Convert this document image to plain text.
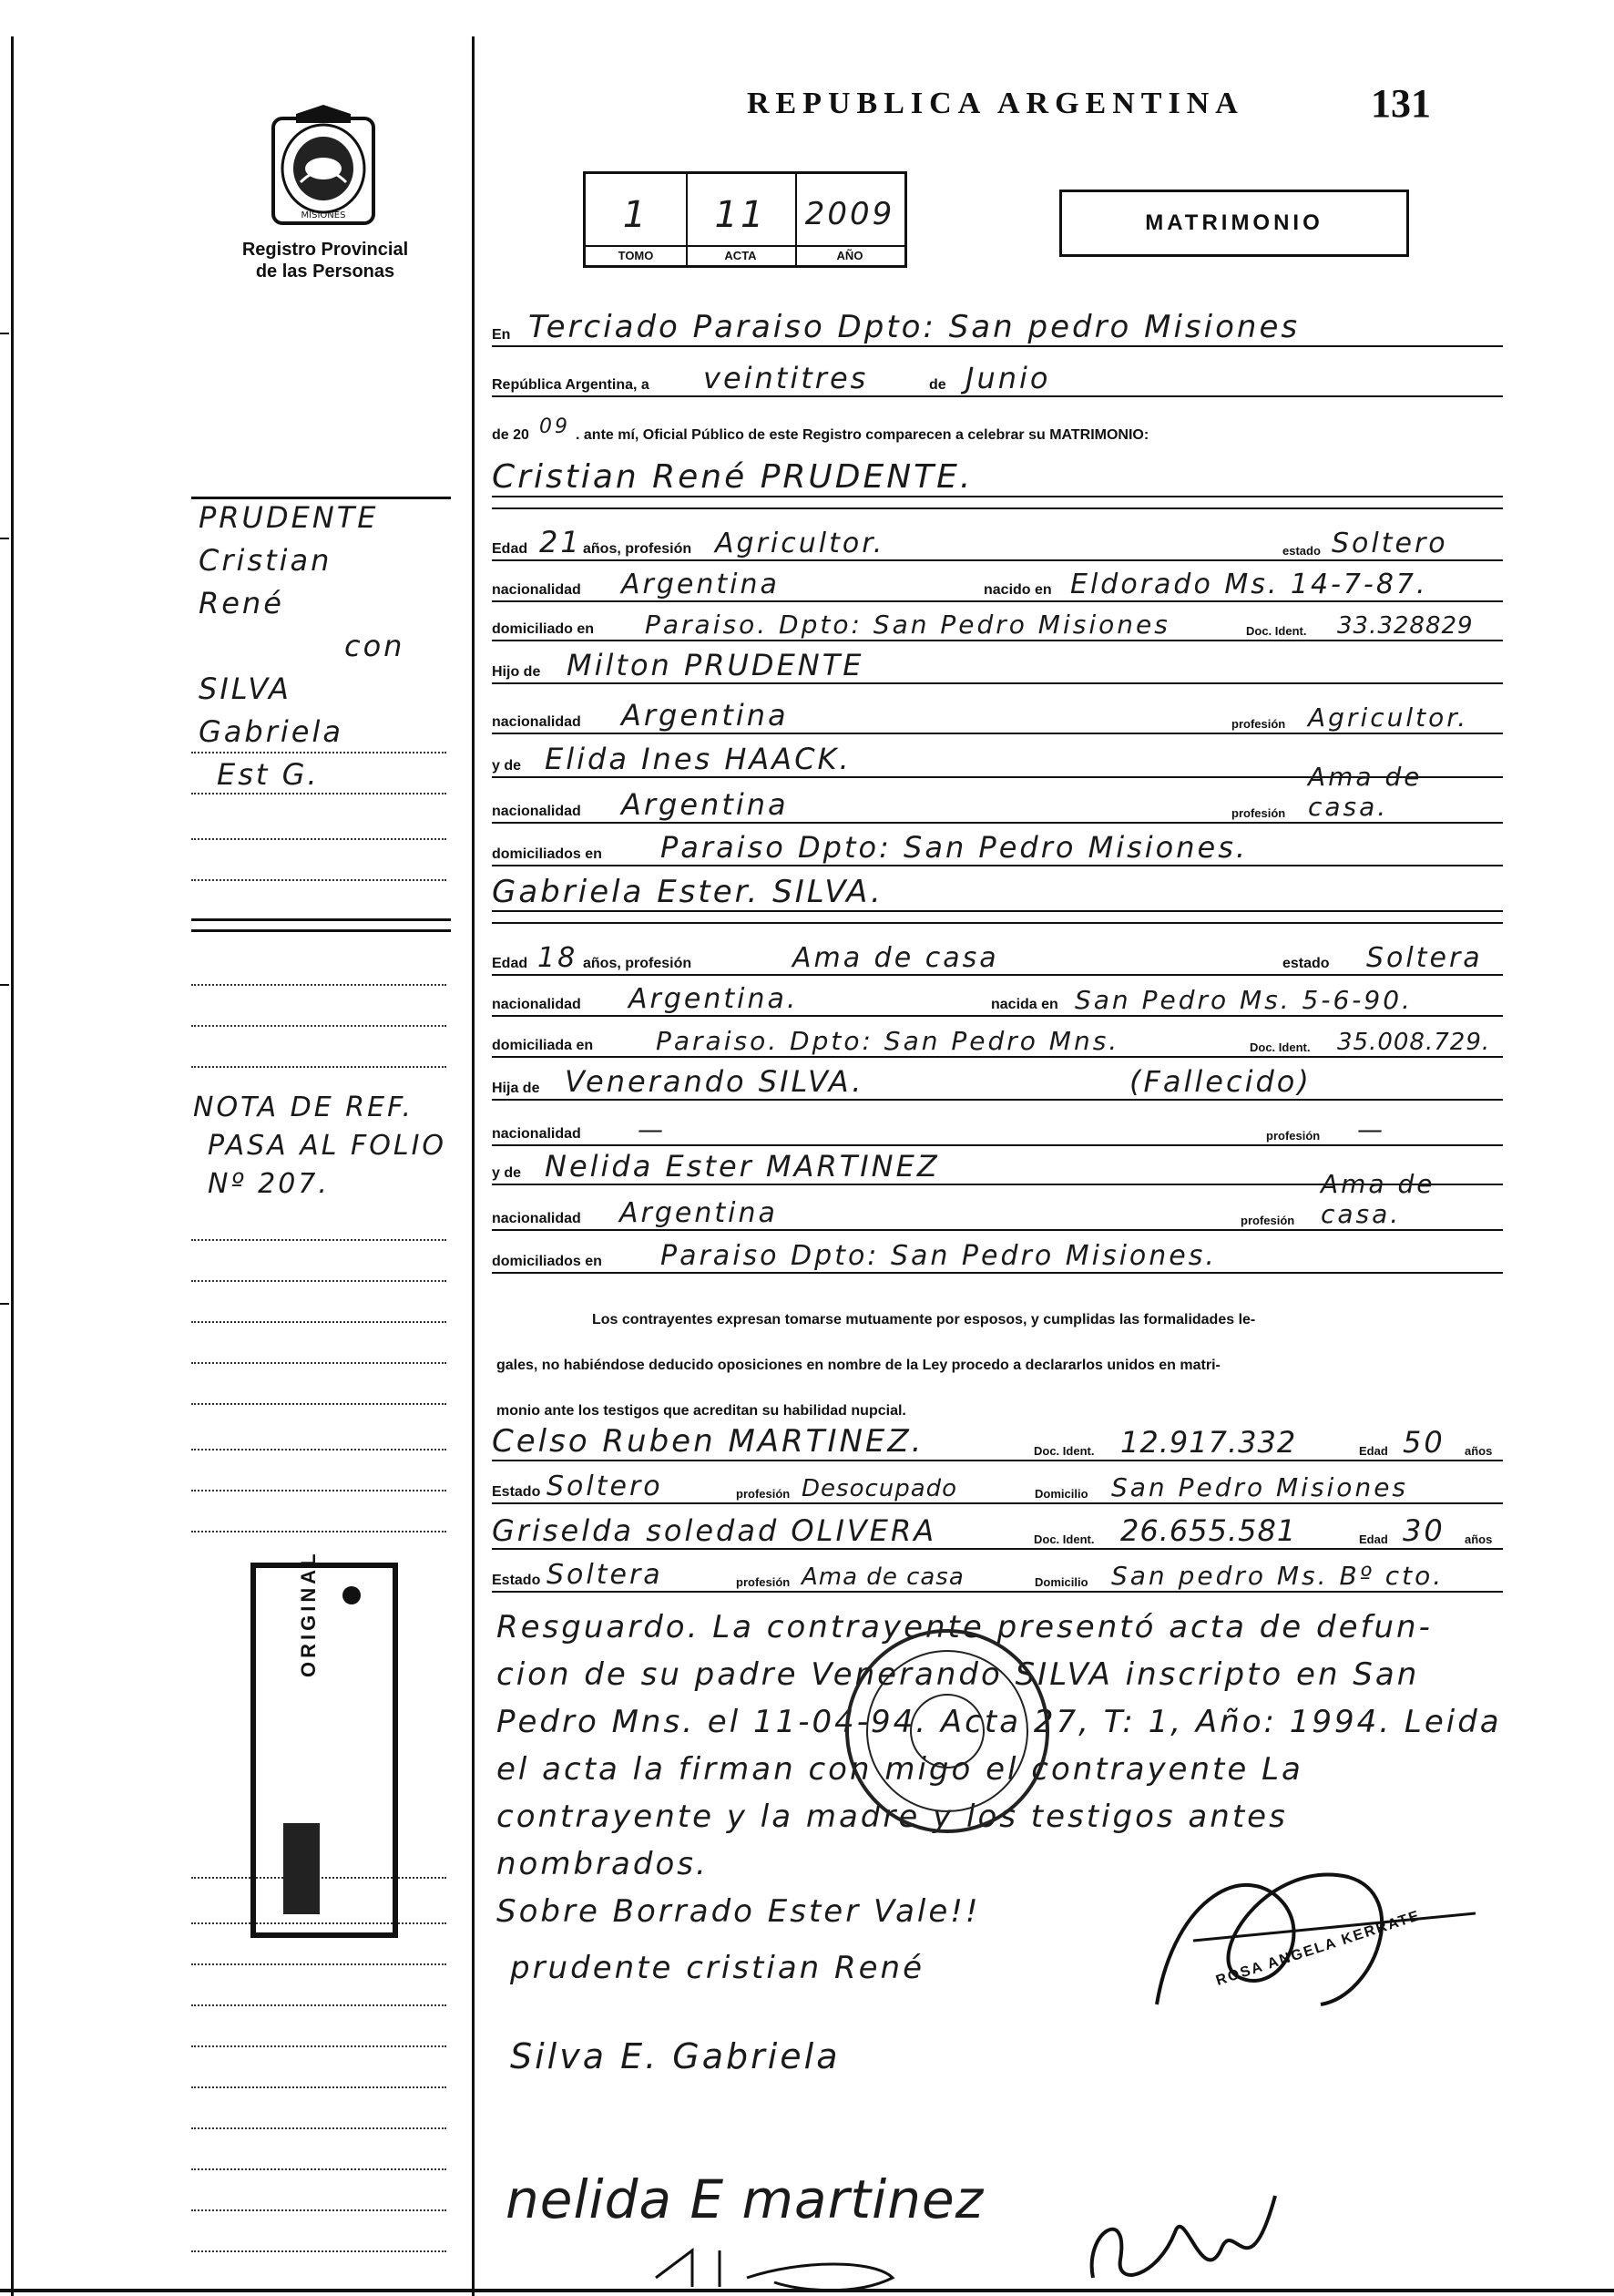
MISIONES
Registro Provincial
de las Personas
REPUBLICA ARGENTINA	131
1
TOMO
11
ACTA
2009
AÑO
MATRIMONIO
En Terciado Paraiso Dpto: San pedro Misiones
República Argentina, a veintitres	de Junio
de 20 09 . ante mí, Oficial Público de este Registro comparecen a celebrar su MATRIMONIO:
Cristian René PRUDENTE.
Edad 21 años, profesión Agricultor.	estado Soltero
nacionalidad Argentina	nacido en Eldorado Ms. 14-7-87.
domiciliado en Paraiso. Dpto: San Pedro Misiones	Doc. Ident. 33.328829
Hijo de Milton PRUDENTE
nacionalidad Argentina	profesión Agricultor.
y de Elida Ines HAACK.
nacionalidad Argentina	profesión
Ama de casa.
domiciliados en Paraiso Dpto: San Pedro Misiones.
Gabriela Ester. SILVA.
Edad 18 años, profesión	Ama de casa	estado Soltera
nacionalidad Argentina.	nacida en San Pedro Ms. 5-6-90.
domiciliada en Paraiso. Dpto: San Pedro Mns.	Doc. Ident. 35.008.729.
Hija de Venerando SILVA.	(Fallecido)
nacionalidad —	profesión —
y de Nelida Ester MARTINEZ
nacionalidad Argentina	profesión
Ama de casa.
domiciliados en Paraiso Dpto: San Pedro Misiones.
Los contrayentes expresan tomarse mutuamente por esposos, y cumplidas las formalidades le-
gales, no habiéndose deducido oposiciones en nombre de la Ley procedo a declararlos unidos en matri-
monio ante los testigos que acreditan su habilidad nupcial.
Celso Ruben MARTINEZ.	Doc. Ident. 12.917.332	Edad 50 años
Estado Soltero	profesión Desocupado	Domicilio San Pedro Misiones
Griselda soledad OLIVERA	Doc. Ident. 26.655.581	Edad 30 años
Estado Soltera	profesión Ama de casa	Domicilio San pedro Ms. Bº cto.
Resguardo. La contrayente presentó acta de defun-
cion de su padre Venerando SILVA inscripto en San
Pedro Mns. el 11-04-94. Acta 27, T: 1, Año: 1994. Leida
el acta la firman con migo el contrayente La
contrayente y la madre y los testigos antes
nombrados.
Sobre Borrado Ester Vale!!
prudente cristian René
Silva E. Gabriela
nelida E martinez
ROSA ANGELA KERRATE
PRUDENTE
Cristian
René
con
SILVA
Gabriela
Est G.
NOTA DE REF.
PASA AL FOLIO
Nº 207.
ORIGINAL
